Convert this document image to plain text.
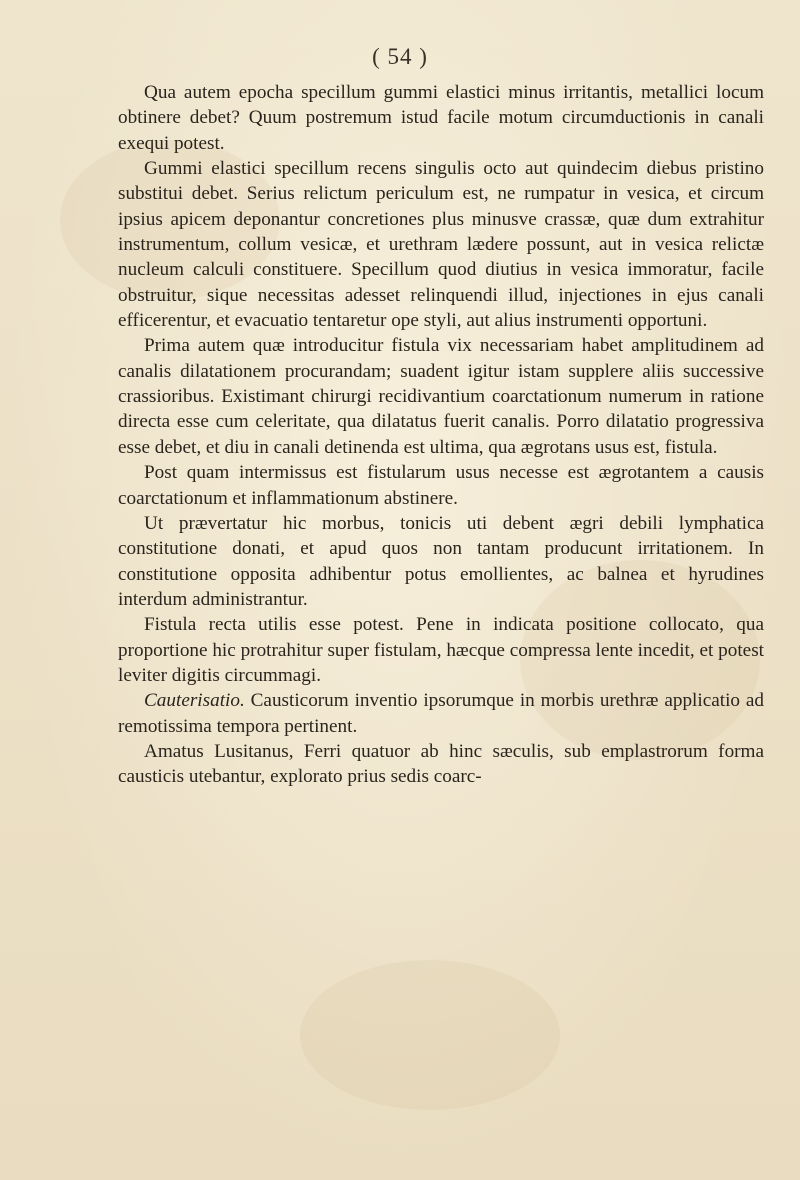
( 54 )

Qua autem epocha specillum gummi elastici minus irritantis, metallici locum obtinere debet? Quum postremum istud facile motum circumductionis in canali exequi potest.

Gummi elastici specillum recens singulis octo aut quindecim diebus pristino substitui debet. Serius relictum periculum est, ne rumpatur in vesica, et circum ipsius apicem deponantur concretiones plus minusve crassæ, quæ dum extrahitur instrumentum, collum vesicæ, et urethram lædere possunt, aut in vesica relictæ nucleum calculi constituere. Specillum quod diutius in vesica immoratur, facile obstruitur, sique necessitas adesset relinquendi illud, injectiones in ejus canali efficerentur, et evacuatio tentaretur ope styli, aut alius instrumenti opportuni.

Prima autem quæ introducitur fistula vix necessariam habet amplitudinem ad canalis dilatationem procurandam; suadent igitur istam supplere aliis successive crassioribus. Existimant chirurgi recidivantium coarctationum numerum in ratione directa esse cum celeritate, qua dilatatus fuerit canalis. Porro dilatatio progressiva esse debet, et diu in canali detinenda est ultima, qua ægrotans usus est, fistula.

Post quam intermissus est fistularum usus necesse est ægrotantem a causis coarctationum et inflammationum abstinere.

Ut prævertatur hic morbus, tonicis uti debent ægri debili lymphatica constitutione donati, et apud quos non tantam producunt irritationem. In constitutione opposita adhibentur potus emollientes, ac balnea et hyrudines interdum administrantur.

Fistula recta utilis esse potest. Pene in indicata positione collocato, qua proportione hic protrahitur super fistulam, hæcque compressa lente incedit, et potest leviter digitis circummagi.

Cauterisatio. Causticorum inventio ipsorumque in morbis urethræ applicatio ad remotissima tempora pertinent.

Amatus Lusitanus, Ferri quatuor ab hinc sæculis, sub emplastrorum forma causticis utebantur, explorato prius sedis coarc-
